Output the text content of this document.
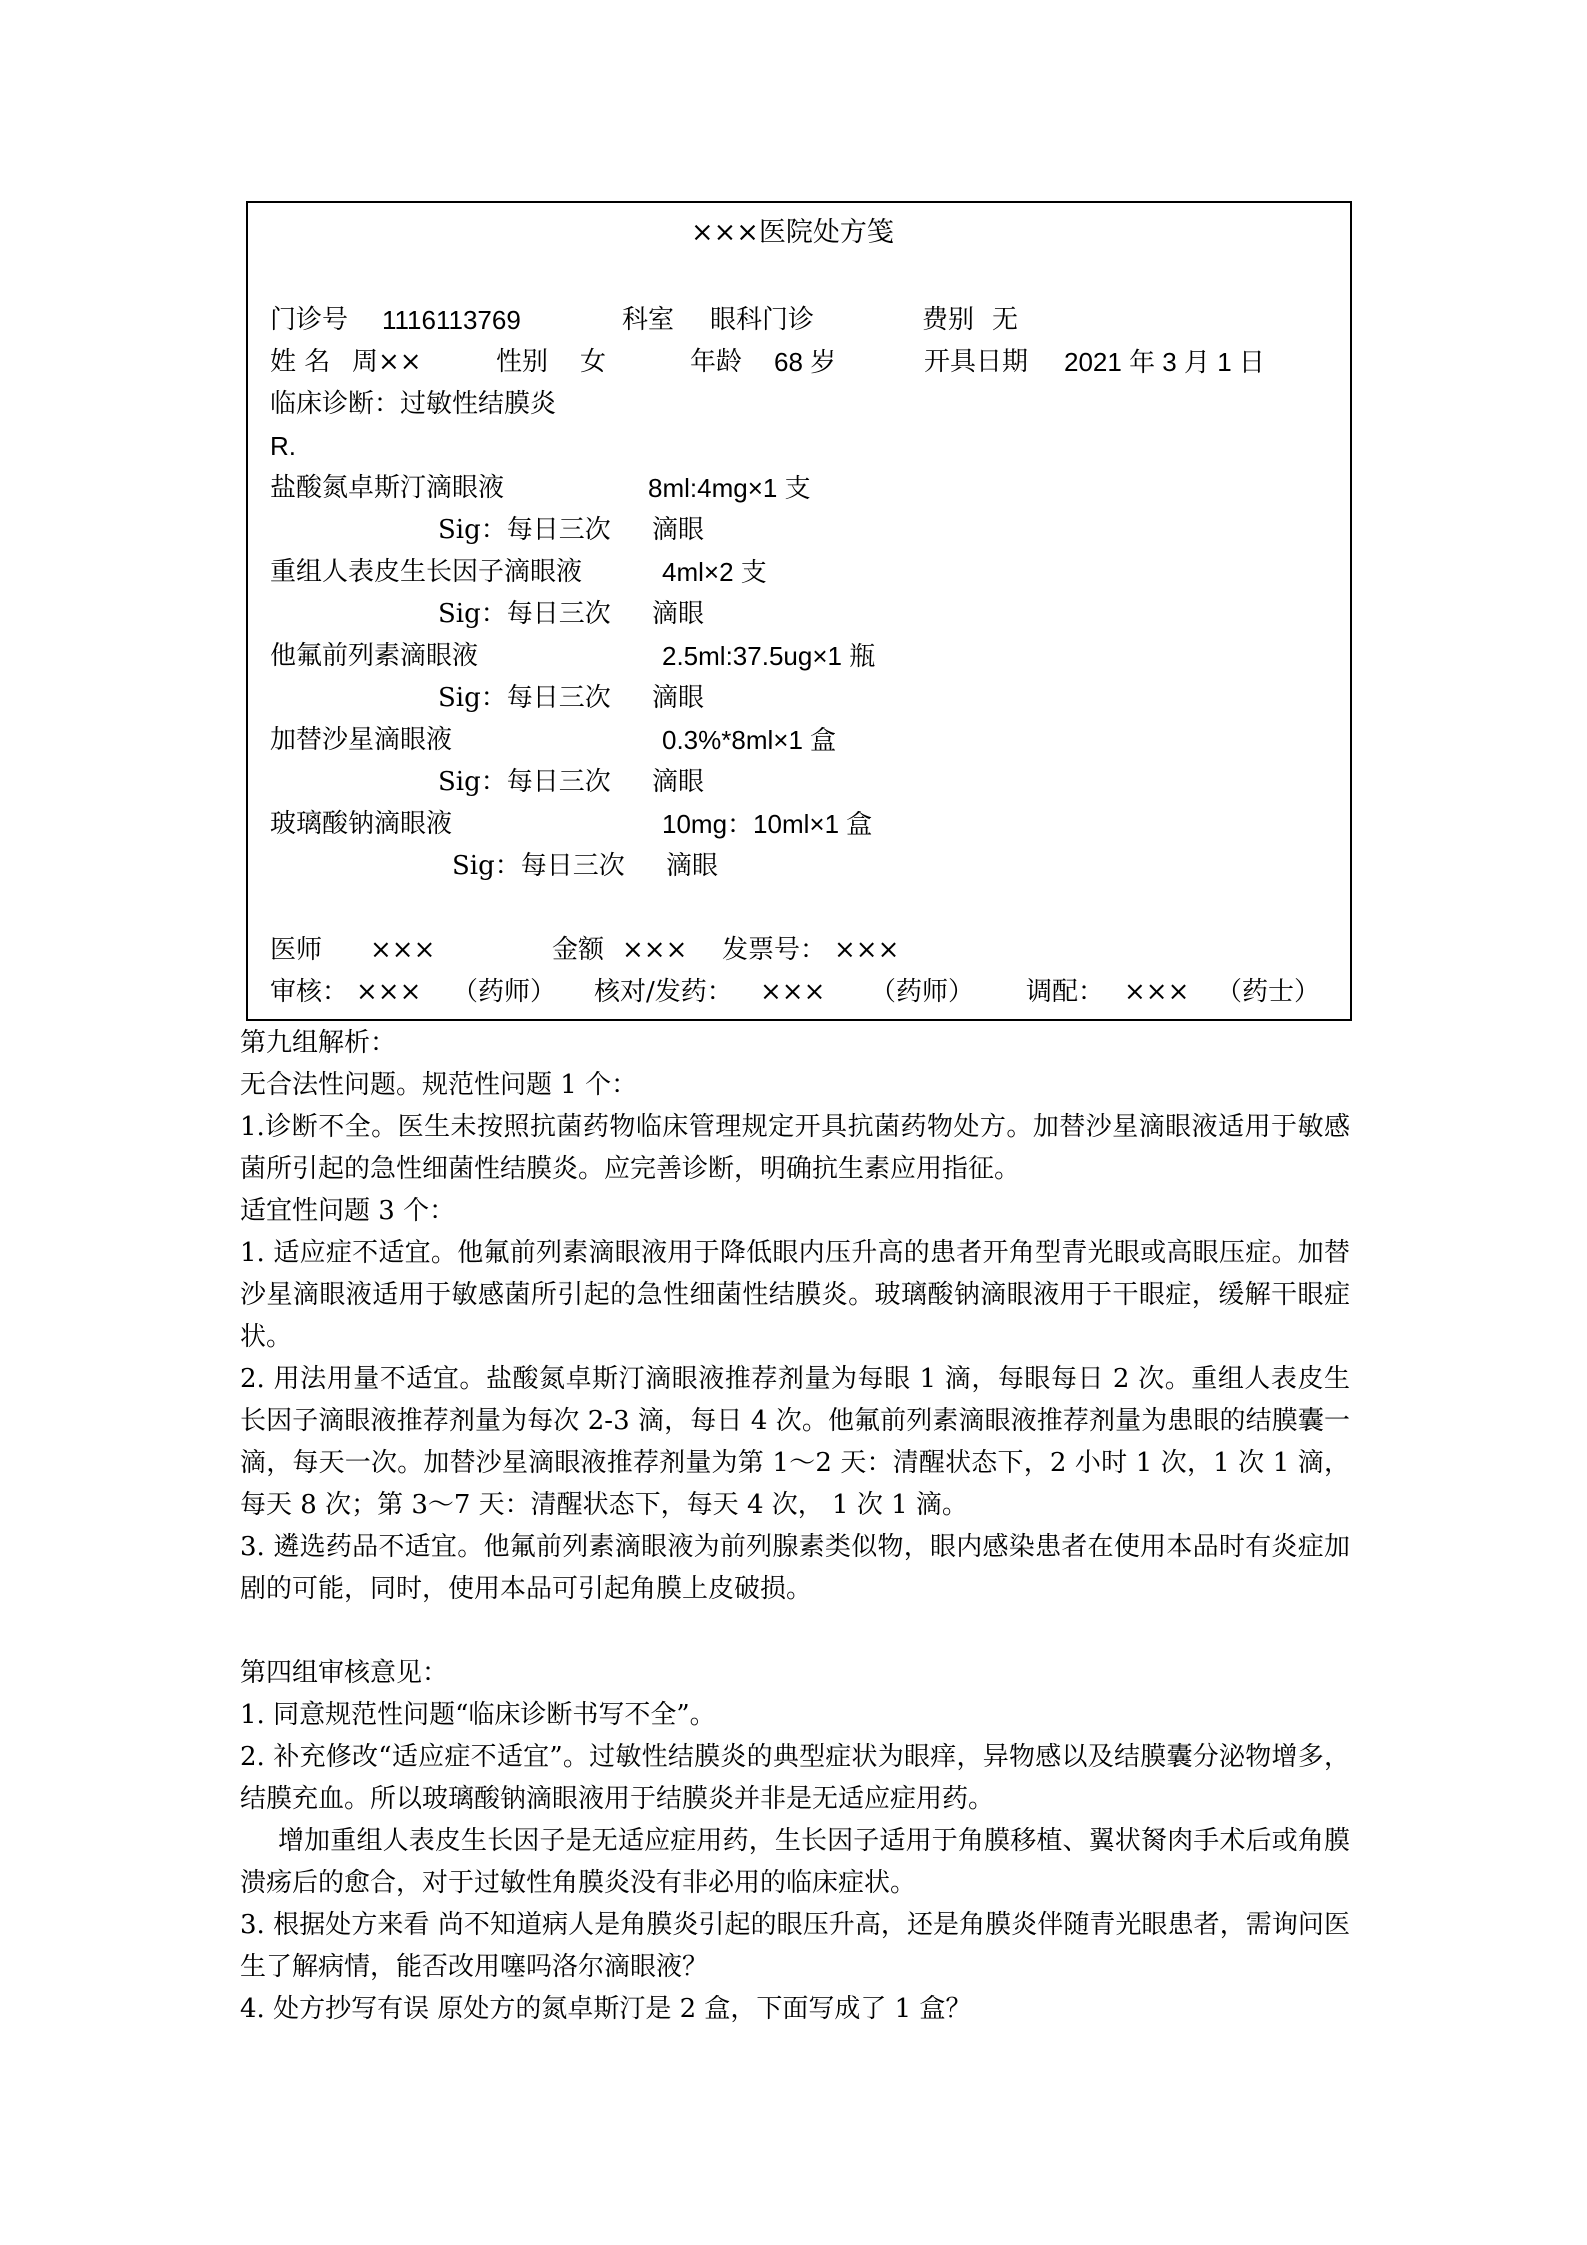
×××医院处方笺
门诊号 1116113769	科室 眼科门诊	费别 无
姓 名 周××	性别 女	年龄 68 岁	开具日期 2021 年 3 月 1 日
临床诊断：过敏性结膜炎
R.
盐酸氮卓斯汀滴眼液	8ml:4mg×1 支
Sig：每日三次 滴眼
重组人表皮生长因子滴眼液	4ml×2 支
Sig：每日三次 滴眼
他氟前列素滴眼液	2.5ml:37.5ug×1 瓶
Sig：每日三次 滴眼
加替沙星滴眼液	0.3%*8ml×1 盒
Sig：每日三次 滴眼
玻璃酸钠滴眼液	10mg：10ml×1 盒
Sig：每日三次 滴眼
医师 ×××	金额 ××× 发票号： ×××
审核： ××× （药师） 核对/发药： ××× （药师） 调配： ××× （药士）

第九组解析：

无合法性问题。规范性问题 1 个：

1.诊断不全。医生未按照抗菌药物临床管理规定开具抗菌药物处方。加替沙星滴眼液适用于敏感菌所引起的急性细菌性结膜炎。应完善诊断，明确抗生素应用指征。

适宜性问题 3 个：

1. 适应症不适宜。他氟前列素滴眼液用于降低眼内压升高的患者开角型青光眼或高眼压症。加替沙星滴眼液适用于敏感菌所引起的急性细菌性结膜炎。玻璃酸钠滴眼液用于干眼症，缓解干眼症状。

2. 用法用量不适宜。盐酸氮卓斯汀滴眼液推荐剂量为每眼 1 滴，每眼每日 2 次。重组人表皮生长因子滴眼液推荐剂量为每次 2-3 滴，每日 4 次。他氟前列素滴眼液推荐剂量为患眼的结膜囊一滴，每天一次。加替沙星滴眼液推荐剂量为第 1～2 天：清醒状态下，2 小时 1 次，1 次 1 滴，每天 8 次；第 3～7 天：清醒状态下，每天 4 次， 1 次 1 滴。

3. 遴选药品不适宜。他氟前列素滴眼液为前列腺素类似物，眼内感染患者在使用本品时有炎症加剧的可能，同时，使用本品可引起角膜上皮破损。

第四组审核意见：

1. 同意规范性问题“临床诊断书写不全”。

2. 补充修改“适应症不适宜”。过敏性结膜炎的典型症状为眼痒，异物感以及结膜囊分泌物增多，结膜充血。所以玻璃酸钠滴眼液用于结膜炎并非是无适应症用药。

增加重组人表皮生长因子是无适应症用药，生长因子适用于角膜移植、翼状胬肉手术后或角膜溃疡后的愈合，对于过敏性角膜炎没有非必用的临床症状。

3. 根据处方来看 尚不知道病人是角膜炎引起的眼压升高，还是角膜炎伴随青光眼患者，需询问医生了解病情，能否改用噻吗洛尔滴眼液？

4. 处方抄写有误 原处方的氮卓斯汀是 2 盒，下面写成了 1 盒？
